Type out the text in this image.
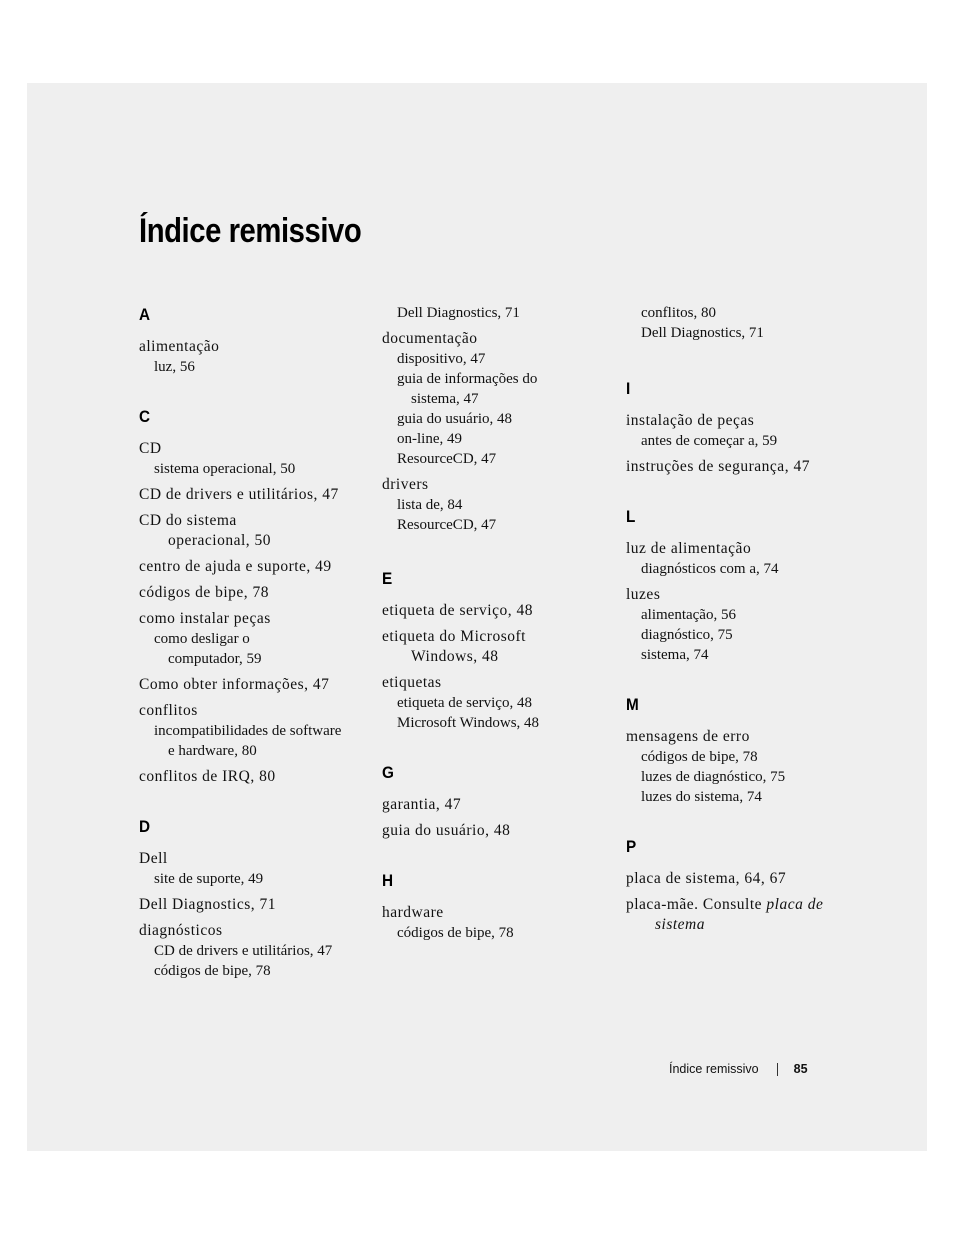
Índice remissivo
A
alimentação
luz, 56
C
CD
sistema operacional, 50
CD de drivers e utilitários, 47
CD do sistema
operacional, 50
centro de ajuda e suporte, 49
códigos de bipe, 78
como instalar peças
como desligar o
computador, 59
Como obter informações, 47
conflitos
incompatibilidades de software
e hardware, 80
conflitos de IRQ, 80
D
Dell
site de suporte, 49
Dell Diagnostics, 71
diagnósticos
CD de drivers e utilitários, 47
códigos de bipe, 78
Dell Diagnostics, 71
documentação
dispositivo, 47
guia de informações do
sistema, 47
guia do usuário, 48
on-line, 49
ResourceCD, 47
drivers
lista de, 84
ResourceCD, 47
E
etiqueta de serviço, 48
etiqueta do Microsoft
Windows, 48
etiquetas
etiqueta de serviço, 48
Microsoft Windows, 48
G
garantia, 47
guia do usuário, 48
H
hardware
códigos de bipe, 78
conflitos, 80
Dell Diagnostics, 71
I
instalação de peças
antes de começar a, 59
instruções de segurança, 47
L
luz de alimentação
diagnósticos com a, 74
luzes
alimentação, 56
diagnóstico, 75
sistema, 74
M
mensagens de erro
códigos de bipe, 78
luzes de diagnóstico, 75
luzes do sistema, 74
P
placa de sistema, 64, 67
placa-mãe. Consulte placa de
sistema
Índice remissivo	85
